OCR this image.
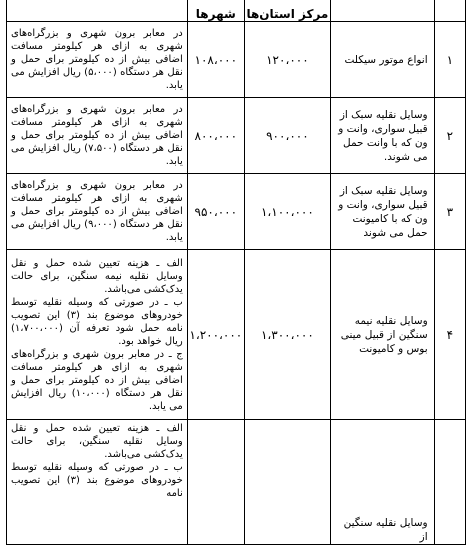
		مرکز استان‌ها	شهرها	
۱	انواع موتور سیکلت	۱۲۰،۰۰۰	۱۰۸،۰۰۰	در معابر برون شهری و بزرگراه‌های شهری به ازای هر کیلومتر مسافت اضافی بیش از ده کیلومتر برای حمل و نقل هر دستگاه (۵،۰۰۰) ریال افزایش می یابد.

۲	وسایل نقلیه سبک از قبیل سواری، وانت و ون که با وانت حمل می شوند.	۹۰۰،۰۰۰	۸۰۰،۰۰۰	در معابر برون شهری و بزرگراه‌های شهری به ازای هر کیلومتر مسافت اضافی بیش از ده کیلومتر برای حمل و نقل هر دستگاه (۷،۵۰۰) ریال افزایش می یابد.

۳	وسایل نقلیه سبک از قبیل سواری، وانت و ون که با کامیونت حمل می شوند	۱،۱۰۰،۰۰۰	۹۵۰،۰۰۰	در معابر برون شهری و بزرگراه‌های شهری به ازای هر کیلومتر مسافت اضافی بیش از ده کیلومتر برای حمل و نقل هر دستگاه (۹،۰۰۰) ریال افزایش می یابد.

۴	وسایل نقلیه نیمه سنگین از قبیل مینی بوس و کامیونت	۱،۳۰۰،۰۰۰	۱،۲۰۰،۰۰۰	الف ـ هزینه تعیین شده حمل و نقل وسایل نقلیه نیمه سنگین، برای حالت یدک‌کشی می‌باشد.

ب ـ در صورتی که وسیله نقلیه توسط خودروهای موضوع بند (۳) این تصویب نامه حمل شود تعرفه آن (۱،۷۰۰،۰۰۰) ریال خواهد بود.

ج ـ در معابر برون شهری و بزرگراه‌های شهری به ازای هر کیلومتر مسافت اضافی بیش از ده کیلومتر برای حمل و نقل هر دستگاه (۱۰،۰۰۰) ریال افزایش می یابد.

	وسایل نقلیه سنگین از			الف ـ هزینه تعیین شده حمل و نقل وسایل نقلیه سنگین، برای حالت یدک‌کشی می‌باشد.

ب ـ در صورتی که وسیله نقلیه توسط خودروهای موضوع بند (۳) این تصویب نامه
